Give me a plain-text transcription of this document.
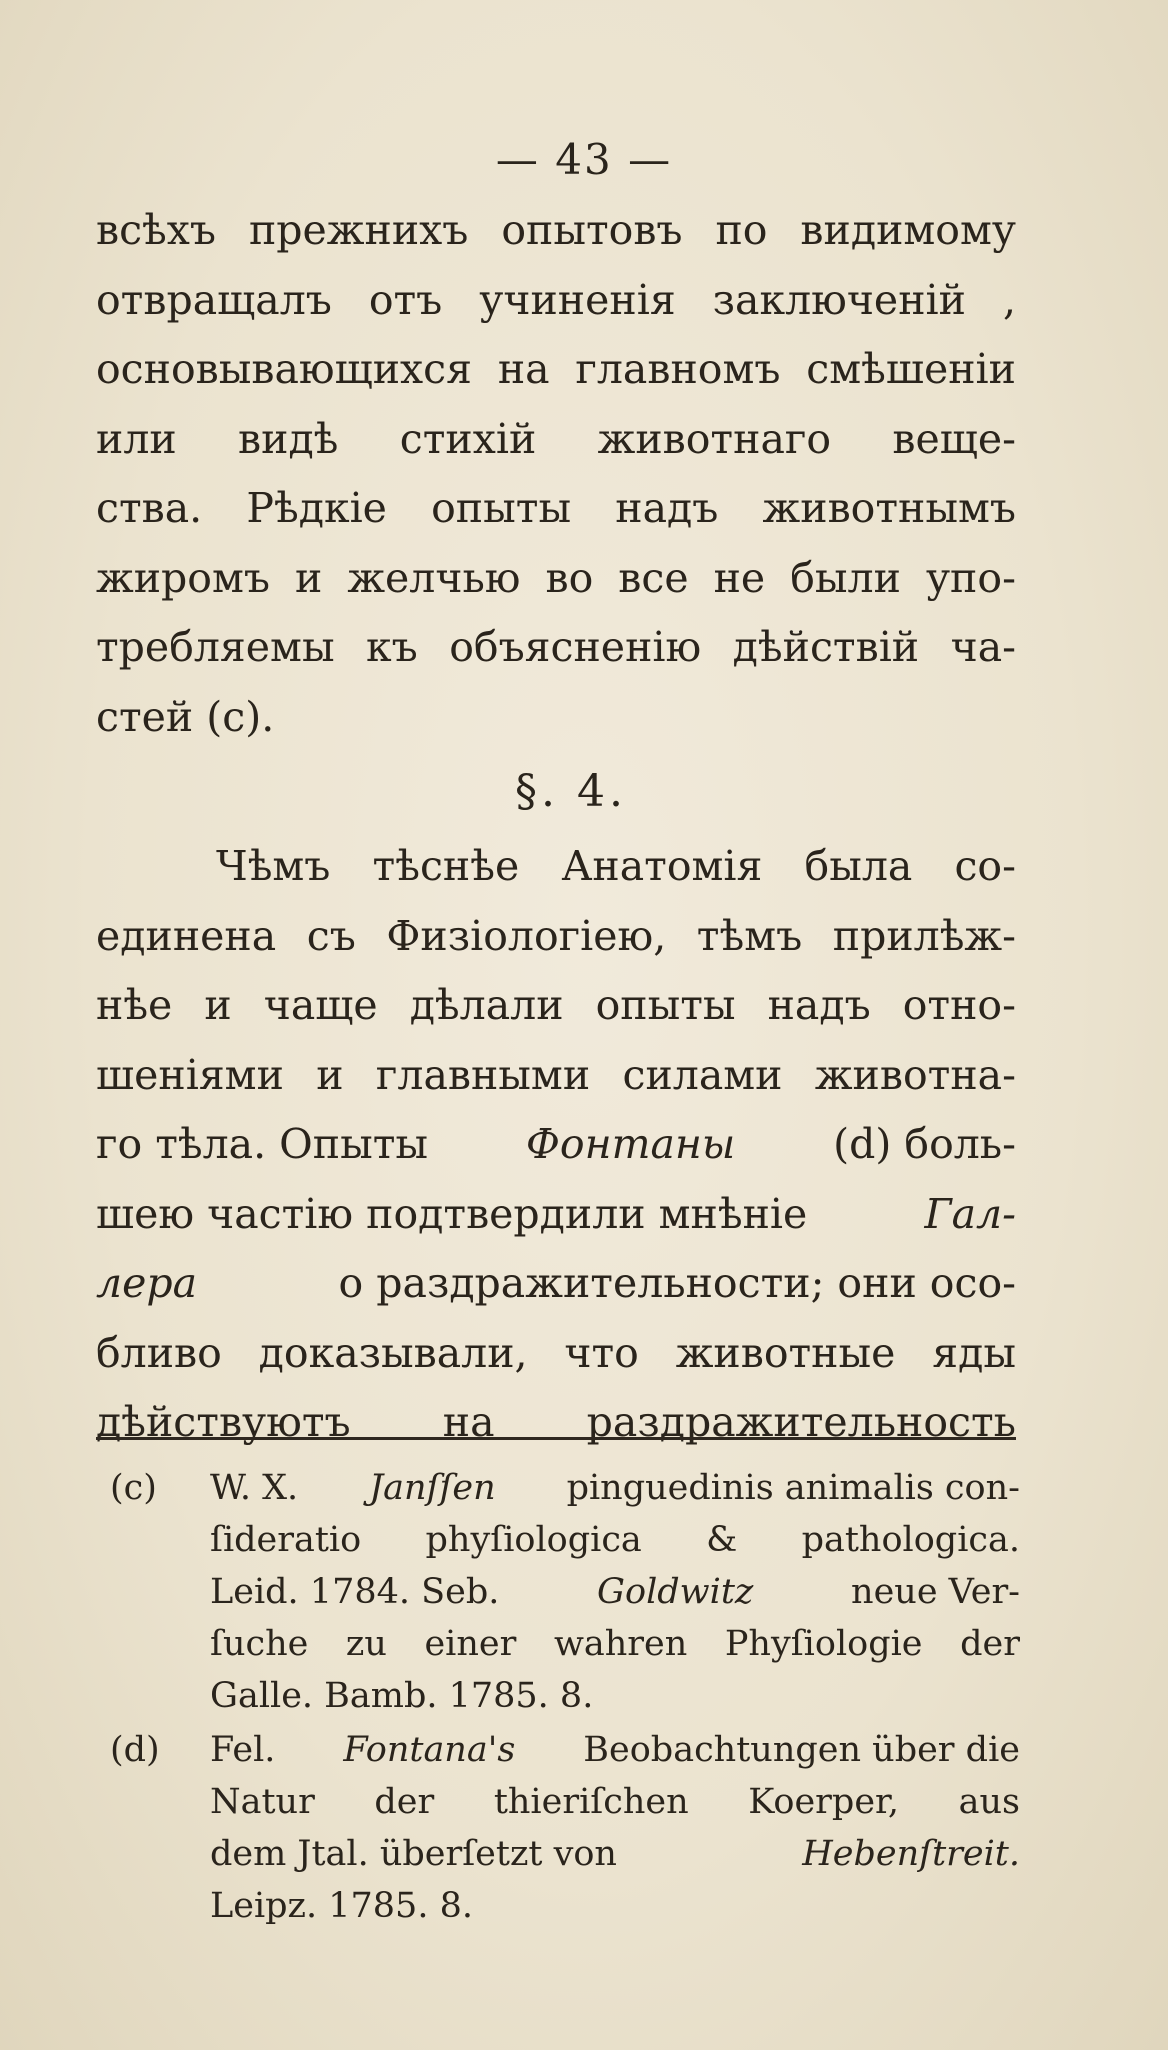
— 43 —
всѣхъ прежнихъ опытовъ по видимому
отвращалъ отъ учиненія заключеній ,
основывающихся на главномъ смѣшеніи
или видѣ стихій животнаго веще-
ства. Рѣдкіе опыты надъ животнымъ
жиромъ и желчью во все не были упо-
требляемы къ объясненію дѣйствій ча-
стей (c).
§. 4.
Чѣмъ тѣснѣе Анатомія была со-
единена съ Физіологіею, тѣмъ прилѣж-
нѣе и чаще дѣлали опыты надъ отно-
шеніями и главными силами животна-
го тѣла. Опыты Фонтаны (d) боль-
шею частію подтвердили мнѣніе	Гал-
лера	о раздражительности; они осо-
бливо доказывали, что животные яды
дѣйствуютъ на раздражительность
(c)	W. X. Janſſen pinguedinis animalis con-
ſideratio phyſiologica & pathologica.
Leid. 1784. Seb.	Goldwitz	neue Ver-
ſuche zu einer wahren Phyſiologie der
Galle. Bamb. 1785. 8.
(d)	Fel. Fontana's Beobachtungen über die
Natur der thieriſchen Koerper, aus
dem Jtal. überſetzt von	Hebenſtreit.
Leipz. 1785. 8.
